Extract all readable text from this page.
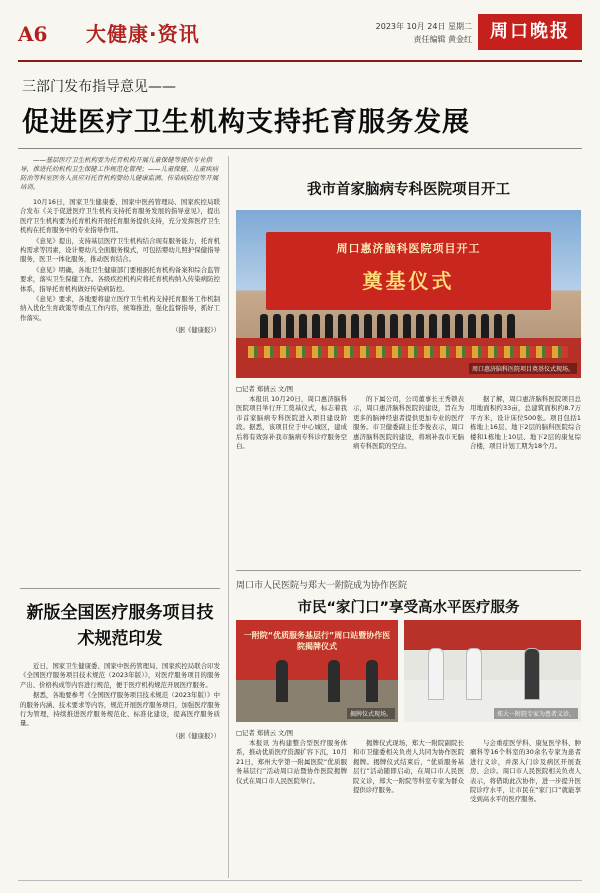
A6 大健康·资讯	2023年 10月 24日 星期二
责任编辑 黄金红	周口晚报
三部门发布指导意见——
促进医疗卫生机构支持托育服务发展

——基层医疗卫生机构要为托育机构开展儿童保健等提供专业指导，推进托幼机构卫生保健工作规范化管理；——儿童保健、儿童疾病防治等科室医务人员应对托育机构婴幼儿健康监测、传染病防控等开展培训。

10月16日，国家卫生健康委、国家中医药管理局、国家疾控局联合发布《关于促进医疗卫生机构支持托育服务发展的指导意见》，提出医疗卫生机构要为托育机构开展托育服务提供支持，充分发挥医疗卫生机构在托育服务中的专业指导作用。

《意见》提出，支持基层医疗卫生机构结合现有服务能力，托育机构需求等因素，设计婴幼儿全面服务模式，可包括婴幼儿照护保健指导服务，医卫一体化服务，推动医育结合。

《意见》明确，各地卫生健康部门要根据托育机构备案和综合监管要求，落实卫生保健工作。各级疾控机构应将托育机构纳入传染病防控体系，指导托育机构做好传染病防控。

《意见》要求，各地要将建立医疗卫生机构支持托育服务工作机制纳入优化生育政策等重点工作内容，统筹推进，强化监督指导，抓好工作落实。

（据《健康报》）
新版全国医疗服务项目技术规范印发

近日，国家卫生健康委、国家中医药管理局、国家疾控局联合印发《全国医疗服务项目技术规范（2023年版）》，对医疗服务项目的服务产出、价格构成等内容进行规范，便于医疗机构规范开展医疗服务。

据悉，各地要参考《全国医疗服务项目技术规范（2023年版）》中的服务内涵、技术要求等内容，规范开展医疗服务项目，加强医疗服务行为管理，持续推进医疗服务规范化、标准化建设，提高医疗服务质量。

（据《健康报》）
我市首家脑病专科医院项目开工
周口惠济脑科医院项目开工
奠基仪式
周口惠济脑科医院项目奠基仪式现场。
□记者 郑倩云 文/图

本报讯 10月20日，周口惠济脑科医院项目举行开工奠基仪式，标志着我市首家脑病专科医院进入项目建设阶段。据悉，该项目位于中心城区，建成后将有效弥补我市脑病专科诊疗服务空白。

的下属公司，公司董事长王秀锁表示，周口惠济脑科医院的建设，旨在为更多的脑神经患者提供更加专业的医疗服务。市卫健委副主任李俊表示，周口惠济脑科医院的建设，将填补我市无脑病专科医院的空白。

据了解，周口惠济脑科医院项目总用地面积约33亩，总建筑面积约8.7万平方米，设计床位500张。项目包括1栋地上16层、地下2层的脑科医院综合楼和1栋地上10层、地下2层的康复综合楼，项目计划工期为18个月。

周口市人民医院与郑大一附院成为协作医院
市民“家门口”享受高水平医疗服务
一附院“优质服务基层行”周口站暨协作医院揭牌仪式
揭牌仪式现场。	郑大一附院专家为患者义诊。
□记者 郑倩云 文/图

本报讯 为构建整合型医疗服务体系，推动优质医疗资源扩容下沉，10月21日，郑州大学第一附属医院“优质服务基层行”活动周口站暨协作医院揭牌仪式在周口市人民医院举行。

揭牌仪式现场，郑大一附院副院长和市卫健委相关负责人共同为协作医院揭牌。揭牌仪式结束后，“优质服务基层行”活动随即启动，在周口市人民医院义诊，郑大一附院等科室专家为群众提供诊疗服务。

与会重症医学科、康复医学科、肿瘤科等16个科室的30余名专家为患者进行义诊，并深入门诊及病区开展查房、会诊。周口市人民医院相关负责人表示，将借助此次协作，进一步提升医院诊疗水平，让市民在“家门口”就能享受到高水平的医疗服务。
